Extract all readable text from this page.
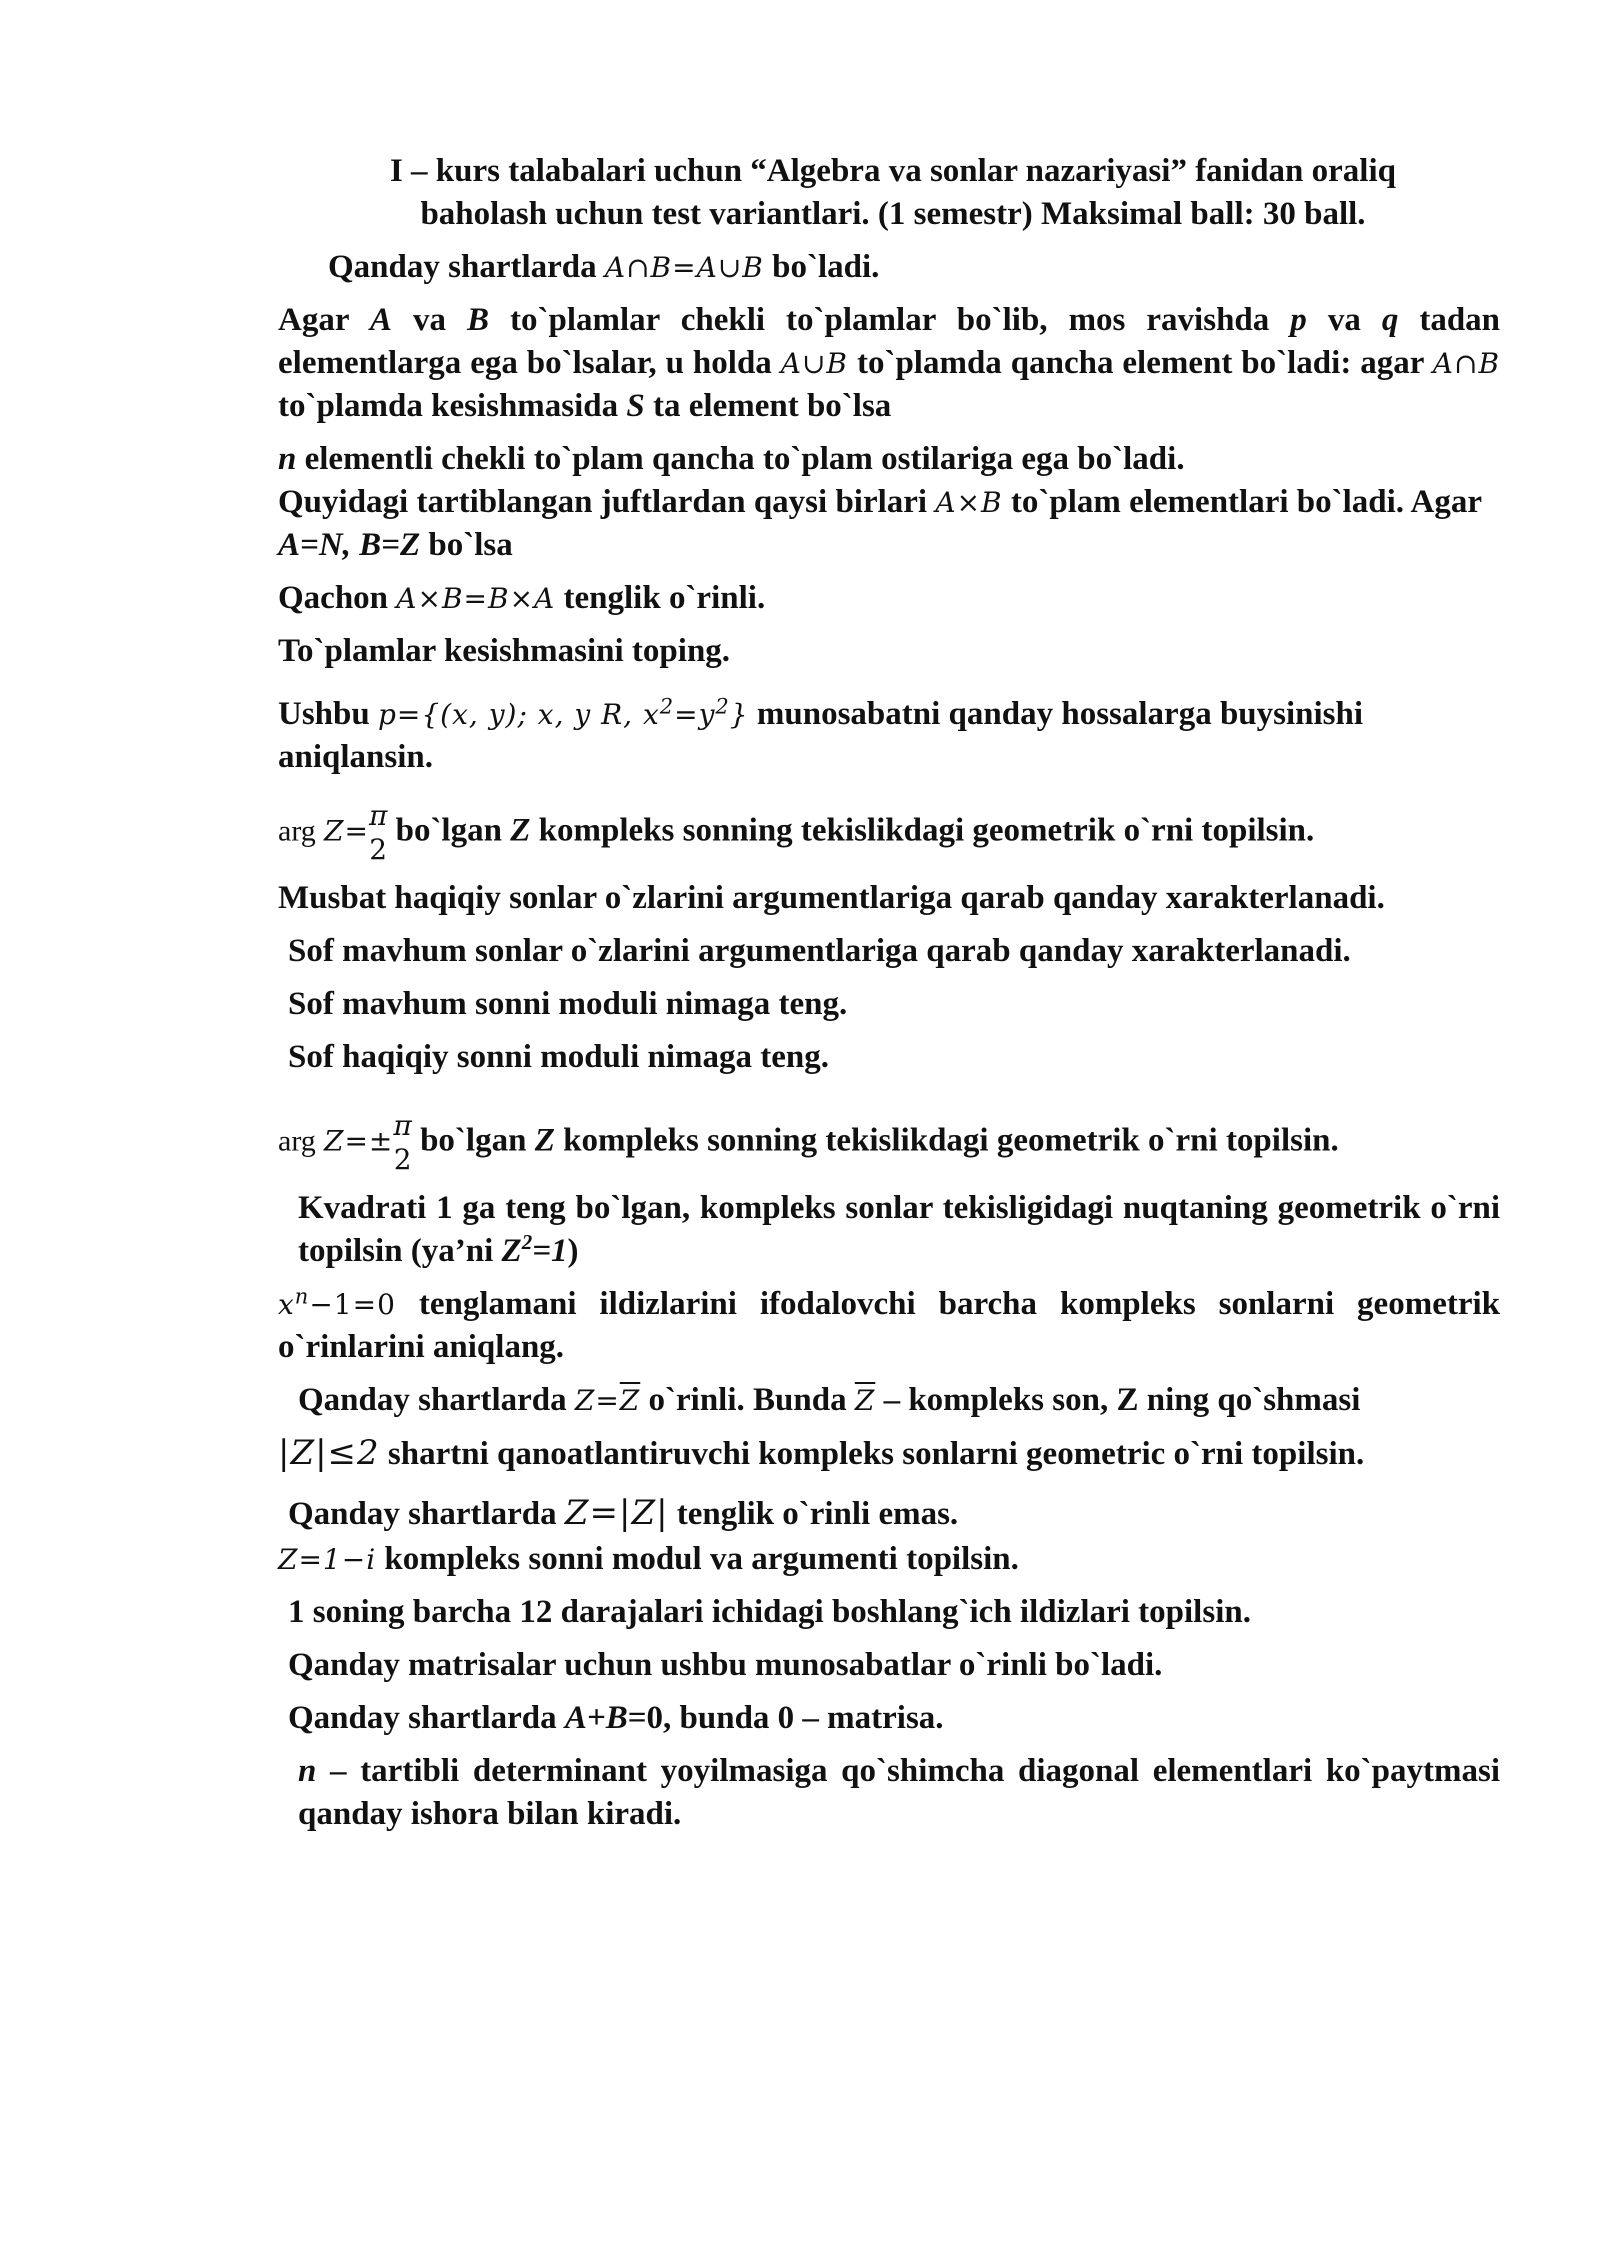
I – kurs talabalari uchun “Algebra va sonlar nazariyasi” fanidan oraliq
baholash uchun test variantlari. (1 semestr) Maksimal ball: 30 ball.

Qanday shartlarda A∩B=A∪B bo`ladi.

Agar A va B to`plamlar chekli to`plamlar bo`lib, mos ravishda p va q tadan elementlarga ega bo`lsalar, u holda A∪B to`plamda qancha element bo`ladi: agar A∩B to`plamda kesishmasida S ta element bo`lsa

n elementli chekli to`plam qancha to`plam ostilariga ega bo`ladi.

Quyidagi tartiblangan juftlardan qaysi birlari A×B to`plam elementlari bo`ladi. Agar A=N, B=Z bo`lsa

Qachon A×B=B×A tenglik o`rinli.

To`plamlar kesishmasini toping.

Ushbu p={(x, y); x, y R, $x^2=y^2$} munosabatni qanday hossalarga buysinishi aniqlansin.

arg Z= π
2
bo`lgan Z kompleks sonning tekislikdagi geometrik o`rni topilsin.

Musbat haqiqiy sonlar o`zlarini argumentlariga qarab qanday xarakterlanadi.

Sof mavhum sonlar o`zlarini argumentlariga qarab qanday xarakterlanadi.

Sof mavhum sonni moduli nimaga teng.

Sof haqiqiy sonni moduli nimaga teng.

arg Z=± π
2
bo`lgan Z kompleks sonning tekislikdagi geometrik o`rni topilsin.

Kvadrati 1 ga teng bo`lgan, kompleks sonlar tekisligidagi nuqtaning geometrik o`rni topilsin (ya’ni $Z^2=1$)

$x^n-1=0$ tenglamani ildizlarini ifodalovchi barcha kompleks sonlarni geometrik o`rinlarini aniqlang.

Qanday shartlarda $Z=\overline{Z}$ o`rinli. Bunda $\overline{Z}$ – kompleks son, Z ning qo`shmasi

|Z|≤2 shartni qanoatlantiruvchi kompleks sonlarni geometric o`rni topilsin.

Qanday shartlarda Z=|Z| tenglik o`rinli emas.

Z=1−i kompleks sonni modul va argumenti topilsin.

1 soning barcha 12 darajalari ichidagi boshlang`ich ildizlari topilsin.

Qanday matrisalar uchun ushbu munosabatlar o`rinli bo`ladi.

Qanday shartlarda A+B=0, bunda 0 – matrisa.

n – tartibli determinant yoyilmasiga qo`shimcha diagonal elementlari ko`paytmasi qanday ishora bilan kiradi.
